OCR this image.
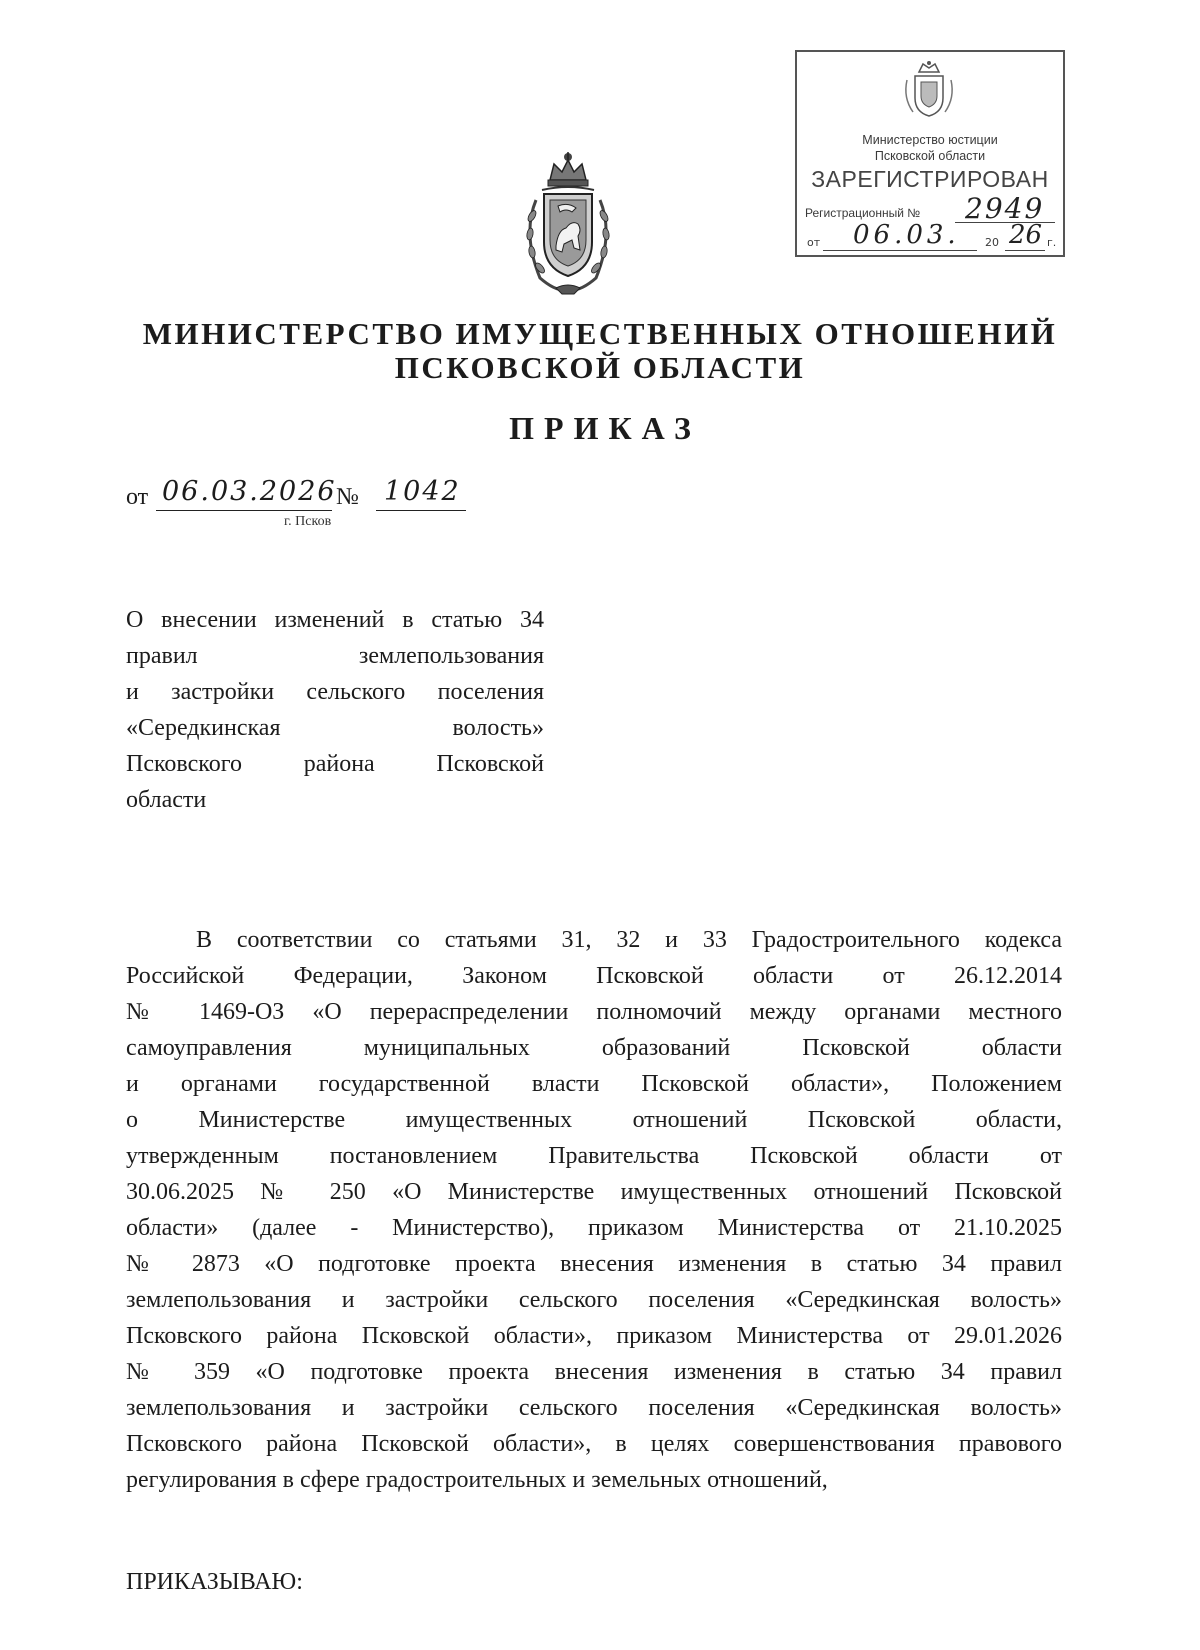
Министерство юстиции
Псковской области
ЗАРЕГИСТРИРОВАН
Регистрационный № 2949
от 06.03. 20 26 г.
МИНИСТЕРСТВО ИМУЩЕСТВЕННЫХ ОТНОШЕНИЙ
ПСКОВСКОЙ ОБЛАСТИ
ПРИКАЗ
от 06.03.2026 № 1042
г. Псков
О внесении изменений в статью 34
правил землепользования
и застройки сельского поселения
«Середкинская волость»
Псковского района Псковской
области
В соответствии со статьями 31, 32 и 33 Градостроительного кодекса
Российской Федерации, Законом Псковской области от 26.12.2014
№ 1469-ОЗ «О перераспределении полномочий между органами местного
самоуправления муниципальных образований Псковской области
и органами государственной власти Псковской области», Положением
о Министерстве имущественных отношений Псковской области,
утвержденным постановлением Правительства Псковской области от
30.06.2025 № 250 «О Министерстве имущественных отношений Псковской
области» (далее - Министерство), приказом Министерства от 21.10.2025
№ 2873 «О подготовке проекта внесения изменения в статью 34 правил
землепользования и застройки сельского поселения «Середкинская волость»
Псковского района Псковской области», приказом Министерства от 29.01.2026
№ 359 «О подготовке проекта внесения изменения в статью 34 правил
землепользования и застройки сельского поселения «Середкинская волость»
Псковского района Псковской области», в целях совершенствования правового
регулирования в сфере градостроительных и земельных отношений,
ПРИКАЗЫВАЮ:
